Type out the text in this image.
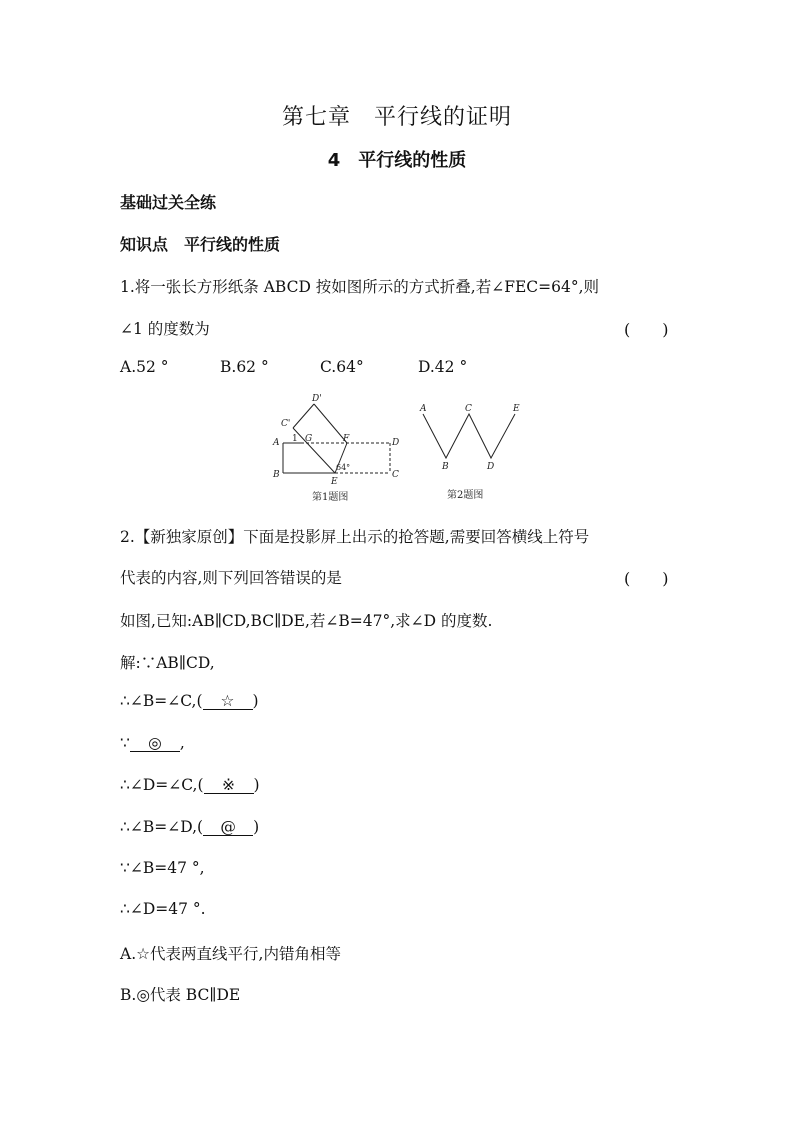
第七章　平行线的证明
4　平行线的性质
基础过关全练
知识点　平行线的性质
1.将一张长方形纸条 ABCD 按如图所示的方式折叠,若∠FEC=64°,则
∠1 的度数为	(　　)
A.52 °	B.62 °	C.64°	D.42 °
D'
C'
A 1 G	F	D
B
E
C
64°
第1题图
A	C	E
B	D
第2题图
2.【新独家原创】下面是投影屏上出示的抢答题,需要回答横线上符号
代表的内容,则下列回答错误的是	(　　)
如图,已知:AB∥CD,BC∥DE,若∠B=47°,求∠D 的度数.
解:∵AB∥CD,
∴∠B=∠C,( ☆ )
∵ ◎ ,
∴∠D=∠C,( ※ )
∴∠B=∠D,( @ )
∵∠B=47 °,
∴∠D=47 °.
A.☆代表两直线平行,内错角相等
B.◎代表 BC∥DE
